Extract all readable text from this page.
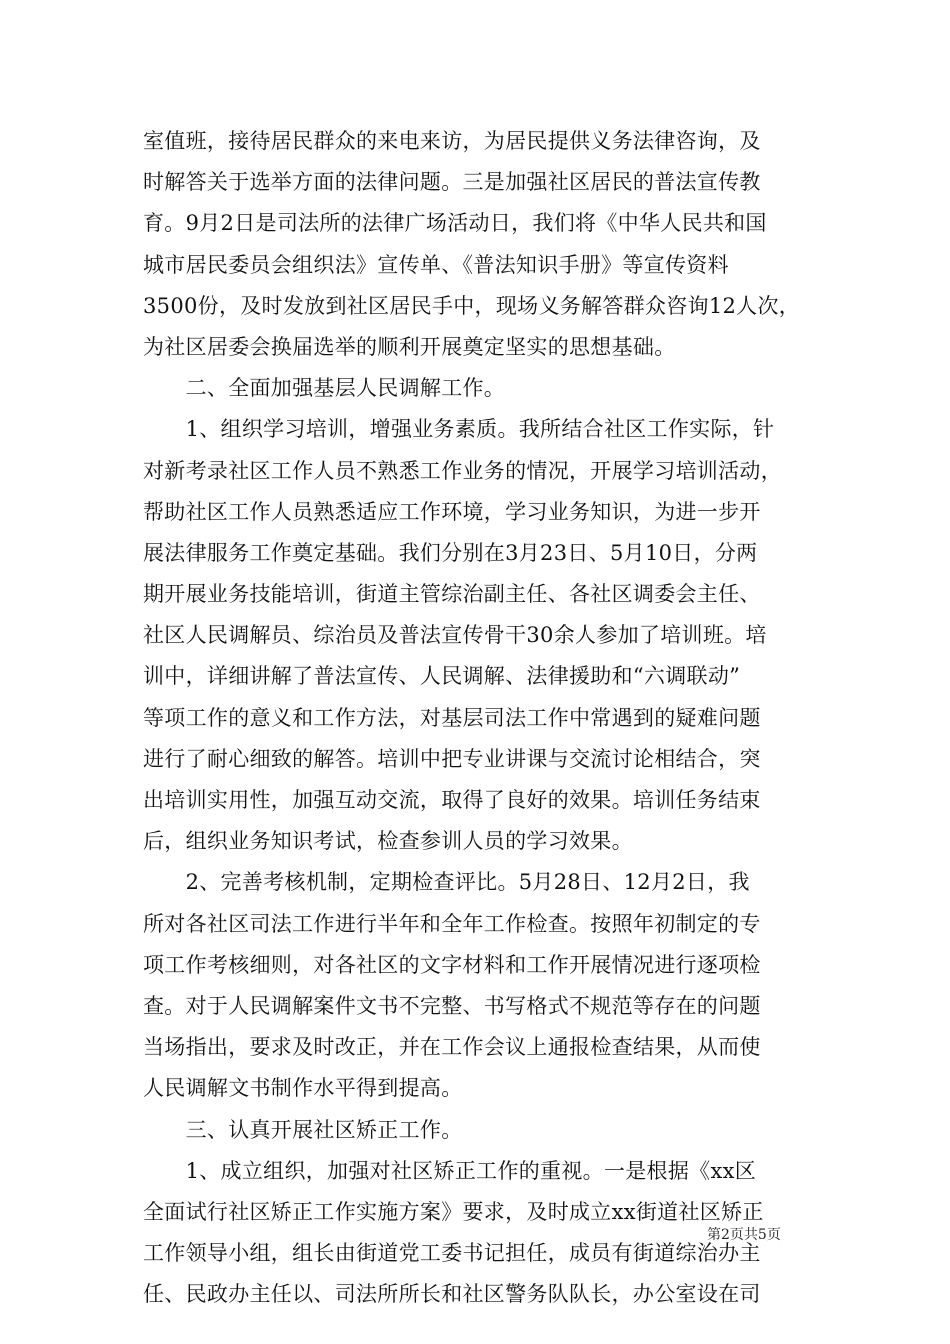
室值班，接待居民群众的来电来访，为居民提供义务法律咨询，及
时解答关于选举方面的法律问题。三是加强社区居民的普法宣传教
育。9月2日是司法所的法律广场活动日，我们将《中华人民共和国
城市居民委员会组织法》宣传单、《普法知识手册》等宣传资料
3500份，及时发放到社区居民手中，现场义务解答群众咨询12人次，
为社区居委会换届选举的顺利开展奠定坚实的思想基础。
　　二、全面加强基层人民调解工作。
　　1、组织学习培训，增强业务素质。我所结合社区工作实际，针
对新考录社区工作人员不熟悉工作业务的情况，开展学习培训活动，
帮助社区工作人员熟悉适应工作环境，学习业务知识，为进一步开
展法律服务工作奠定基础。我们分别在3月23日、5月10日，分两
期开展业务技能培训，街道主管综治副主任、各社区调委会主任、
社区人民调解员、综治员及普法宣传骨干30余人参加了培训班。培
训中，详细讲解了普法宣传、人民调解、法律援助和“六调联动”
等项工作的意义和工作方法，对基层司法工作中常遇到的疑难问题
进行了耐心细致的解答。培训中把专业讲课与交流讨论相结合，突
出培训实用性，加强互动交流，取得了良好的效果。培训任务结束
后，组织业务知识考试，检查参训人员的学习效果。
　　2、完善考核机制，定期检查评比。5月28日、12月2日，我
所对各社区司法工作进行半年和全年工作检查。按照年初制定的专
项工作考核细则，对各社区的文字材料和工作开展情况进行逐项检
查。对于人民调解案件文书不完整、书写格式不规范等存在的问题
当场指出，要求及时改正，并在工作会议上通报检查结果，从而使
人民调解文书制作水平得到提高。
　　三、认真开展社区矫正工作。
　　1、成立组织，加强对社区矫正工作的重视。一是根据《xx区
全面试行社区矫正工作实施方案》要求，及时成立xx街道社区矫正
工作领导小组，组长由街道党工委书记担任，成员有街道综治办主
任、民政办主任以、司法所所长和社区警务队队长，办公室设在司
第2页共5页
